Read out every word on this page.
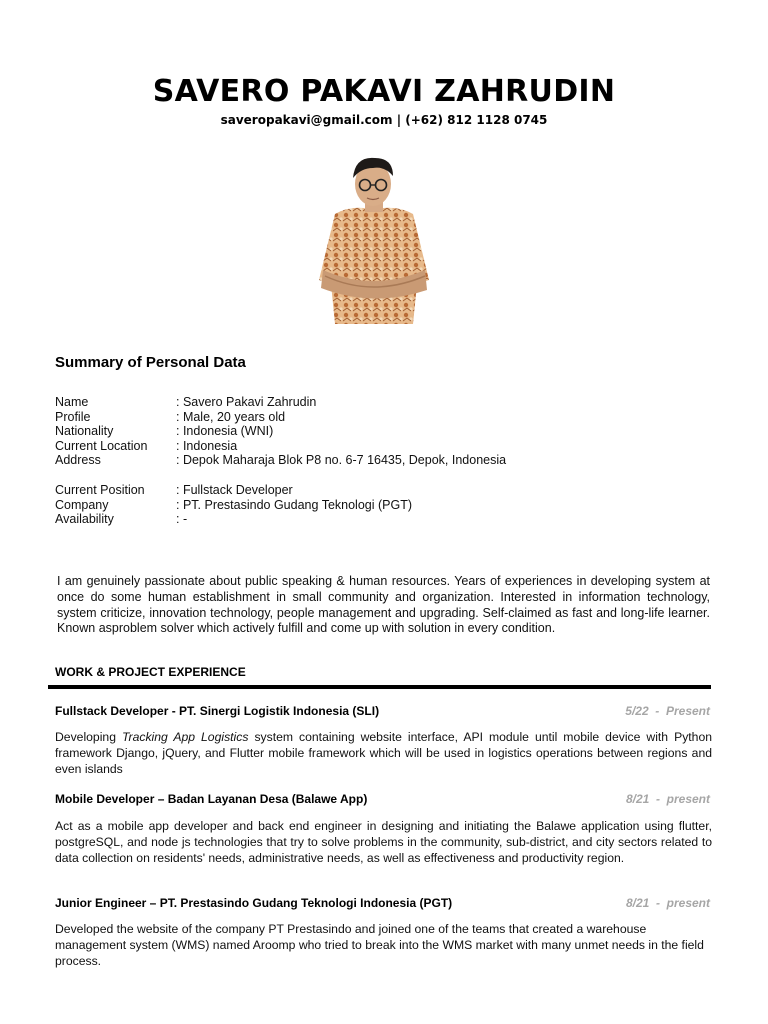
SAVERO PAKAVI ZAHRUDIN
saveropakavi@gmail.com | (+62) 812 1128 0745
Summary of Personal Data
Name	: Savero Pakavi Zahrudin
Profile	: Male, 20 years old
Nationality	: Indonesia (WNI)
Current Location	: Indonesia
Address	: Depok Maharaja Blok P8 no. 6-7 16435, Depok, Indonesia
Current Position	: Fullstack Developer
Company	: PT. Prestasindo Gudang Teknologi (PGT)
Availability	: -
I am genuinely passionate about public speaking & human resources. Years of experiences in developing system at once do some human establishment in small community and organization. Interested in information technology, system criticize, innovation technology, people management and upgrading. Self-claimed as fast and long-life learner. Known asproblem solver which actively fulfill and come up with solution in every condition.
WORK & PROJECT EXPERIENCE
Fullstack Developer - PT. Sinergi Logistik Indonesia (SLI)	5/22  -  Present
Developing Tracking App Logistics system containing website interface, API module until mobile device with Python framework Django, jQuery, and Flutter mobile framework which will be used in logistics operations between regions and even islands
Mobile Developer – Badan Layanan Desa (Balawe App)	8/21  -  present
Act as a mobile app developer and back end engineer in designing and initiating the Balawe application using flutter, postgreSQL, and node js technologies that try to solve problems in the community, sub-district, and city sectors related to data collection on residents' needs, administrative needs, as well as effectiveness and productivity region.
Junior Engineer – PT. Prestasindo Gudang Teknologi Indonesia (PGT)	8/21  -  present
Developed the website of the company PT Prestasindo and joined one of the teams that created a warehouse management system (WMS) named Aroomp who tried to break into the WMS market with many unmet needs in the field process.
